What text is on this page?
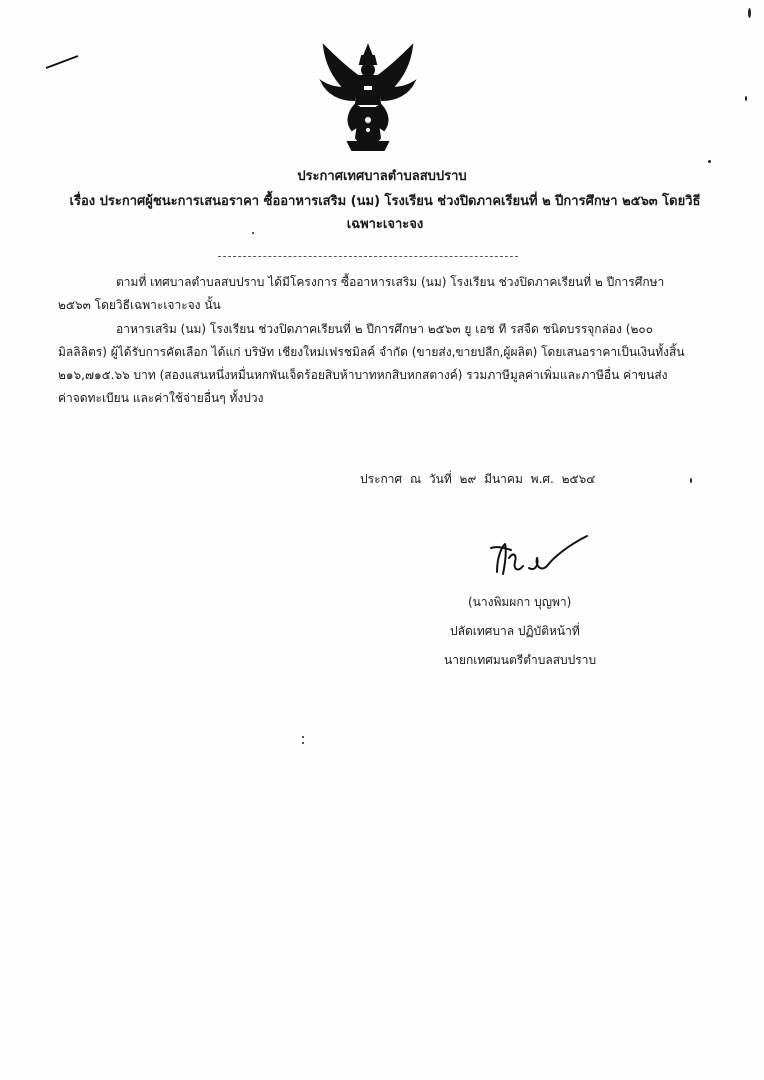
ประกาศเทศบาลตำบลสบปราบ
เรื่อง ประกาศผู้ชนะการเสนอราคา ซื้ออาหารเสริม (นม) โรงเรียน ช่วงปิดภาคเรียนที่ ๒ ปีการศึกษา ๒๕๖๓ โดยวิธีเฉพาะเจาะจง
ตามที่ เทศบาลตำบลสบปราบ ได้มีโครงการ ซื้ออาหารเสริม (นม) โรงเรียน ช่วงปิดภาคเรียนที่ ๒ ปีการศึกษา ๒๕๖๓ โดยวิธีเฉพาะเจาะจง นั้น
อาหารเสริม (นม) โรงเรียน ช่วงปิดภาคเรียนที่ ๒ ปีการศึกษา ๒๕๖๓ ยู เอช ที รสจืด ชนิดบรรจุกล่อง (๒๐๐ มิลลิลิตร) ผู้ได้รับการคัดเลือก ได้แก่ บริษัท เชียงใหม่เฟรชมิลค์ จำกัด (ขายส่ง,ขายปลีก,ผู้ผลิต) โดยเสนอราคาเป็นเงินทั้งสิ้น ๒๑๖,๗๑๕.๖๖ บาท (สองแสนหนึ่งหมื่นหกพันเจ็ดร้อยสิบห้าบาทหกสิบหกสตางค์) รวมภาษีมูลค่าเพิ่มและภาษีอื่น ค่าขนส่ง ค่าจดทะเบียน และค่าใช้จ่ายอื่นๆ ทั้งปวง
ประกาศ ณ วันที่ ๒๙ มีนาคม พ.ศ. ๒๕๖๔
(นางพิมผกา บุญพา)
ปลัดเทศบาล ปฏิบัติหน้าที่
นายกเทศมนตรีตำบลสบปราบ
